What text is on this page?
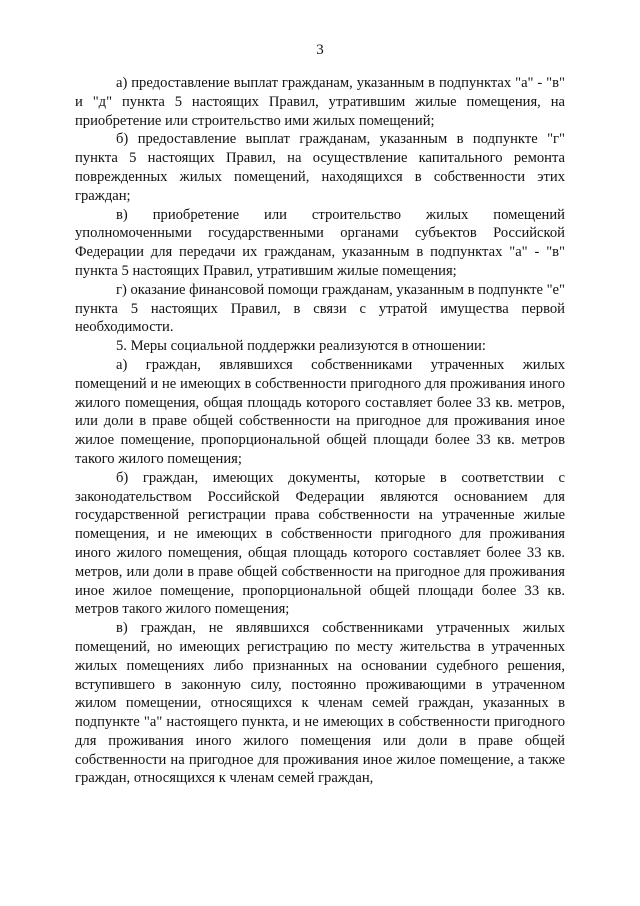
3

а) предоставление выплат гражданам, указанным в подпунктах "а" - "в" и "д" пункта 5 настоящих Правил, утратившим жилые помещения, на приобретение или строительство ими жилых помещений;

б) предоставление выплат гражданам, указанным в подпункте "г" пункта 5 настоящих Правил, на осуществление капитального ремонта поврежденных жилых помещений, находящихся в собственности этих граждан;

в) приобретение или строительство жилых помещений уполномоченными государственными органами субъектов Российской Федерации для передачи их гражданам, указанным в подпунктах "а" - "в" пункта 5 настоящих Правил, утратившим жилые помещения;

г) оказание финансовой помощи гражданам, указанным в подпункте "е" пункта 5 настоящих Правил, в связи с утратой имущества первой необходимости.

5. Меры социальной поддержки реализуются в отношении:

а) граждан, являвшихся собственниками утраченных жилых помещений и не имеющих в собственности пригодного для проживания иного жилого помещения, общая площадь которого составляет более 33 кв. метров, или доли в праве общей собственности на пригодное для проживания иное жилое помещение, пропорциональной общей площади более 33 кв. метров такого жилого помещения;

б) граждан, имеющих документы, которые в соответствии с законодательством Российской Федерации являются основанием для государственной регистрации права собственности на утраченные жилые помещения, и не имеющих в собственности пригодного для проживания иного жилого помещения, общая площадь которого составляет более 33 кв. метров, или доли в праве общей собственности на пригодное для проживания иное жилое помещение, пропорциональной общей площади более 33 кв. метров такого жилого помещения;

в) граждан, не являвшихся собственниками утраченных жилых помещений, но имеющих регистрацию по месту жительства в утраченных жилых помещениях либо признанных на основании судебного решения, вступившего в законную силу, постоянно проживающими в утраченном жилом помещении, относящихся к членам семей граждан, указанных в подпункте "а" настоящего пункта, и не имеющих в собственности пригодного для проживания иного жилого помещения или доли в праве общей собственности на пригодное для проживания иное жилое помещение, а также граждан, относящихся к членам семей граждан,
